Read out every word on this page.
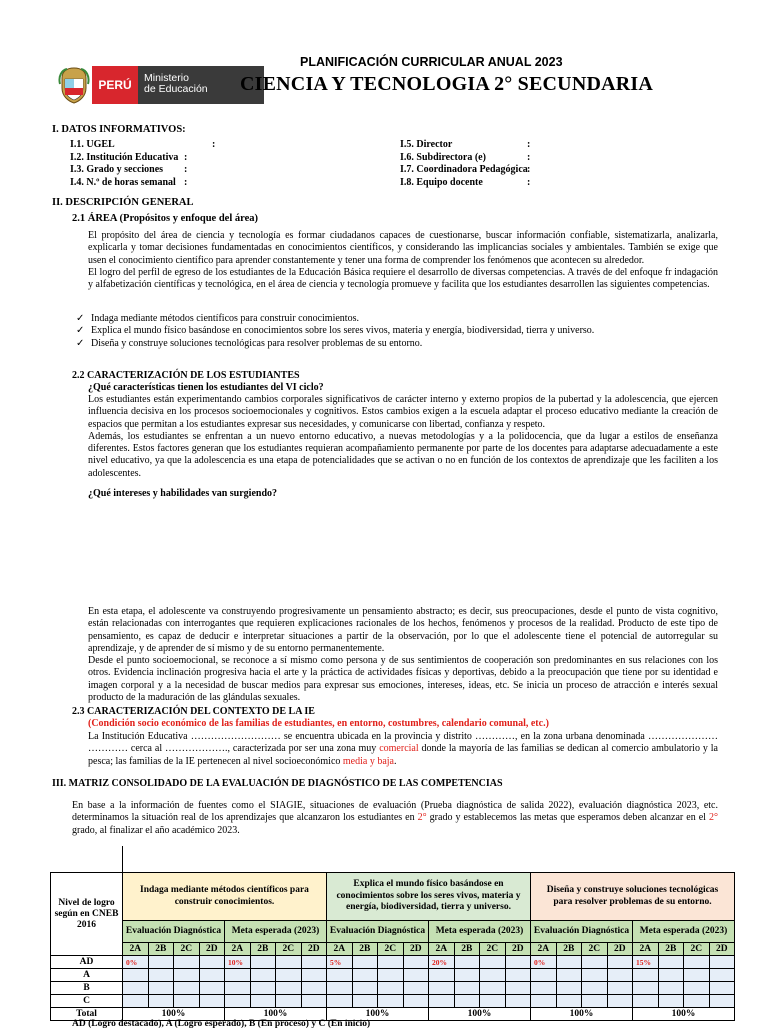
PERÚ	Ministerio
de Educación
PLANIFICACIÓN CURRICULAR ANUAL 2023
CIENCIA Y TECNOLOGIA 2° SECUNDARIA
I. DATOS INFORMATIVOS:
I.1. UGEL	:
I.2. Institución Educativa :
I.3. Grado y secciones :
I.4. N.º de horas semanal :
I.5. Director	:
I.6. Subdirectora (e)	:
I.7. Coordinadora Pedagógica :
I.8. Equipo docente	:
II. DESCRIPCIÓN GENERAL
2.1 ÁREA (Propósitos y enfoque del área)
El propósito del área de ciencia y tecnología es formar ciudadanos capaces de cuestionarse, buscar información confiable, sistematizarla, analizarla, explicarla y tomar decisiones fundamentadas en conocimientos científicos, y considerando las implicancias sociales y ambientales. También se exige que usen el conocimiento científico para aprender constantemente y tener una forma de comprender los fenómenos que acontecen su alrededor.
El logro del perfil de egreso de los estudiantes de la Educación Básica requiere el desarrollo de diversas competencias. A través de del enfoque fr indagación y alfabetización científicas y tecnológica, en el área de ciencia y tecnología promueve y facilita que los estudiantes desarrollen las siguientes competencias.
✓ Indaga mediante métodos científicos para construir conocimientos.
✓ Explica el mundo físico basándose en conocimientos sobre los seres vivos, materia y energía, biodiversidad, tierra y universo.
✓ Diseña y construye soluciones tecnológicas para resolver problemas de su entorno.
2.2 CARACTERIZACIÓN DE LOS ESTUDIANTES
¿Qué características tienen los estudiantes del VI ciclo?
Los estudiantes están experimentando cambios corporales significativos de carácter interno y externo propios de la pubertad y la adolescencia, que ejercen influencia decisiva en los procesos socioemocionales y cognitivos. Estos cambios exigen a la escuela adaptar el proceso educativo mediante la creación de espacios que permitan a los estudiantes expresar sus necesidades, y comunicarse con libertad, confianza y respeto.
Además, los estudiantes se enfrentan a un nuevo entorno educativo, a nuevas metodologías y a la polidocencia, que da lugar a estilos de enseñanza diferentes. Estos factores generan que los estudiantes requieran acompañamiento permanente por parte de los docentes para adaptarse adecuadamente a este nivel educativo, ya que la adolescencia es una etapa de potencialidades que se activan o no en función de los contextos de aprendizaje que les faciliten a los adolescentes.
¿Qué intereses y habilidades van surgiendo?
En esta etapa, el adolescente va construyendo progresivamente un pensamiento abstracto; es decir, sus preocupaciones, desde el punto de vista cognitivo, están relacionadas con interrogantes que requieren explicaciones racionales de los hechos, fenómenos y procesos de la realidad. Producto de este tipo de pensamiento, es capaz de deducir e interpretar situaciones a partir de la observación, por lo que el adolescente tiene el potencial de autorregular su aprendizaje, y de aprender de sí mismo y de su entorno permanentemente.
Desde el punto socioemocional, se reconoce a sí mismo como persona y de sus sentimientos de cooperación son predominantes en sus relaciones con los otros. Evidencia inclinación progresiva hacia el arte y la práctica de actividades físicas y deportivas, debido a la preocupación que tiene por su identidad e imagen corporal y a la necesidad de buscar medios para expresar sus emociones, intereses, ideas, etc. Se inicia un proceso de atracción e interés sexual producto de la maduración de las glándulas sexuales.
2.3 CARACTERIZACIÓN DEL CONTEXTO DE LA IE
(Condición socio económico de las familias de estudiantes, en entorno, costumbres, calendario comunal, etc.)
La Institución Educativa ……………………… se encuentra ubicada en la provincia y distrito …………, en la zona urbana denominada ………………… ………… cerca al ………………., caracterizada por ser una zona muy comercial donde la mayoría de las familias se dedican al comercio ambulatorio y la pesca; las familias de la IE pertenecen al nivel socioeconómico media y baja.
III. MATRIZ CONSOLIDADO DE LA EVALUACIÓN DE DIAGNÓSTICO DE LAS COMPETENCIAS
En base a la información de fuentes como el SIAGIE, situaciones de evaluación (Prueba diagnóstica de salida 2022), evaluación diagnóstica 2023, etc. determinamos la situación real de los aprendizajes que alcanzaron los estudiantes en 2° grado y establecemos las metas que esperamos deben alcanzar en el 2° grado, al finalizar el año académico 2023.
Nivel de logro según en CNEB 2016	Indaga mediante métodos científicos para construir conocimientos.								Explica el mundo físico basándose en conocimientos sobre los seres vivos, materia y energía, biodiversidad, tierra y universo.								Diseña y construye soluciones tecnológicas para resolver problemas de su entorno.							
	Evaluación Diagnóstica				Meta esperada (2023)				Evaluación Diagnóstica				Meta esperada (2023)				Evaluación Diagnóstica				Meta esperada (2023)			
	2A	2B	2C	2D	2A	2B	2C	2D	2A	2B	2C	2D	2A	2B	2C	2D	2A	2B	2C	2D	2A	2B	2C	2D
AD	0%				10%				5%				20%				0%				15%			
A																								
B																								
C																								
Total	100%				100%				100%				100%				100%				100%			
AD (Logro destacado), A (Logro esperado), B (En proceso) y C (En inicio)
